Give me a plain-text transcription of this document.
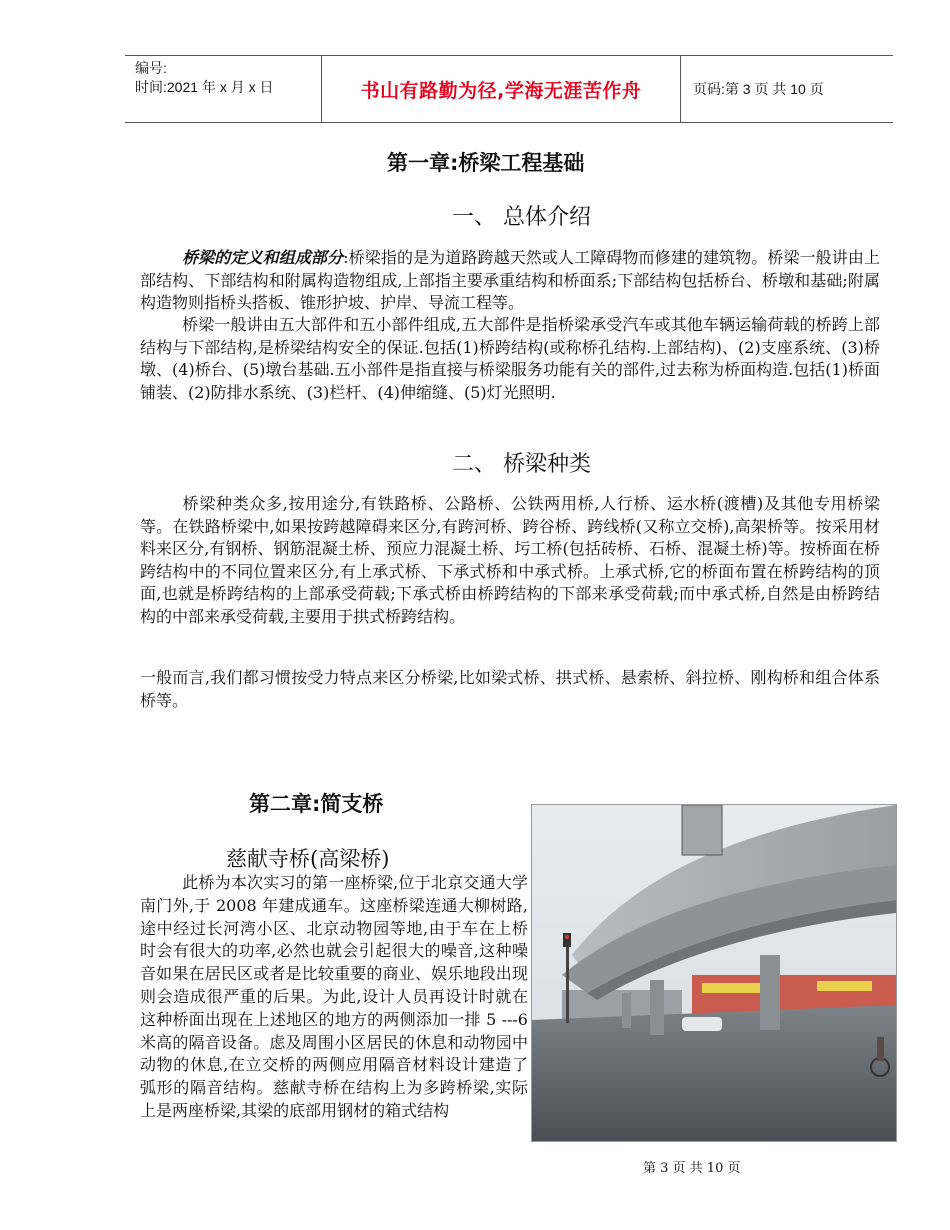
编号:
时间:2021 年 x 月 x 日	书山有路勤为径,学海无涯苦作舟	页码:第 3 页 共 10 页
第一章:桥梁工程基础
一、 总体介绍

桥梁的定义和组成部分:桥梁指的是为道路跨越天然或人工障碍物而修建的建筑物。桥梁一般讲由上部结构、下部结构和附属构造物组成,上部指主要承重结构和桥面系;下部结构包括桥台、桥墩和基础;附属构造物则指桥头搭板、锥形护坡、护岸、导流工程等。

桥梁一般讲由五大部件和五小部件组成,五大部件是指桥梁承受汽车或其他车辆运输荷载的桥跨上部结构与下部结构,是桥梁结构安全的保证.包括(1)桥跨结构(或称桥孔结构.上部结构)、(2)支座系统、(3)桥墩、(4)桥台、(5)墩台基础.五小部件是指直接与桥梁服务功能有关的部件,过去称为桥面构造.包括(1)桥面铺装、(2)防排水系统、(3)栏杆、(4)伸缩缝、(5)灯光照明.

二、 桥梁种类

桥梁种类众多,按用途分,有铁路桥、公路桥、公铁两用桥,人行桥、运水桥(渡槽)及其他专用桥梁等。在铁路桥梁中,如果按跨越障碍来区分,有跨河桥、跨谷桥、跨线桥(又称立交桥),高架桥等。按采用材料来区分,有钢桥、钢筋混凝土桥、预应力混凝土桥、圬工桥(包括砖桥、石桥、混凝土桥)等。按桥面在桥跨结构中的不同位置来区分,有上承式桥、下承式桥和中承式桥。上承式桥,它的桥面布置在桥跨结构的顶面,也就是桥跨结构的上部承受荷载;下承式桥由桥跨结构的下部来承受荷载;而中承式桥,自然是由桥跨结构的中部来承受荷载,主要用于拱式桥跨结构。

一般而言,我们都习惯按受力特点来区分桥梁,比如梁式桥、拱式桥、悬索桥、斜拉桥、刚构桥和组合体系桥等。

第二章:简支桥
慈献寺桥(高梁桥)

此桥为本次实习的第一座桥梁,位于北京交通大学南门外,于 2008 年建成通车。这座桥梁连通大柳树路,途中经过长河湾小区、北京动物园等地,由于车在上桥时会有很大的功率,必然也就会引起很大的噪音,这种噪音如果在居民区或者是比较重要的商业、娱乐地段出现则会造成很严重的后果。为此,设计人员再设计时就在这种桥面出现在上述地区的地方的两侧添加一排 5 ---6 米高的隔音设备。虑及周围小区居民的休息和动物园中动物的休息,在立交桥的两侧应用隔音材料设计建造了弧形的隔音结构。慈献寺桥在结构上为多跨桥梁,实际上是两座桥梁,其梁的底部用钢材的箱式结构

第 3 页 共 10 页
